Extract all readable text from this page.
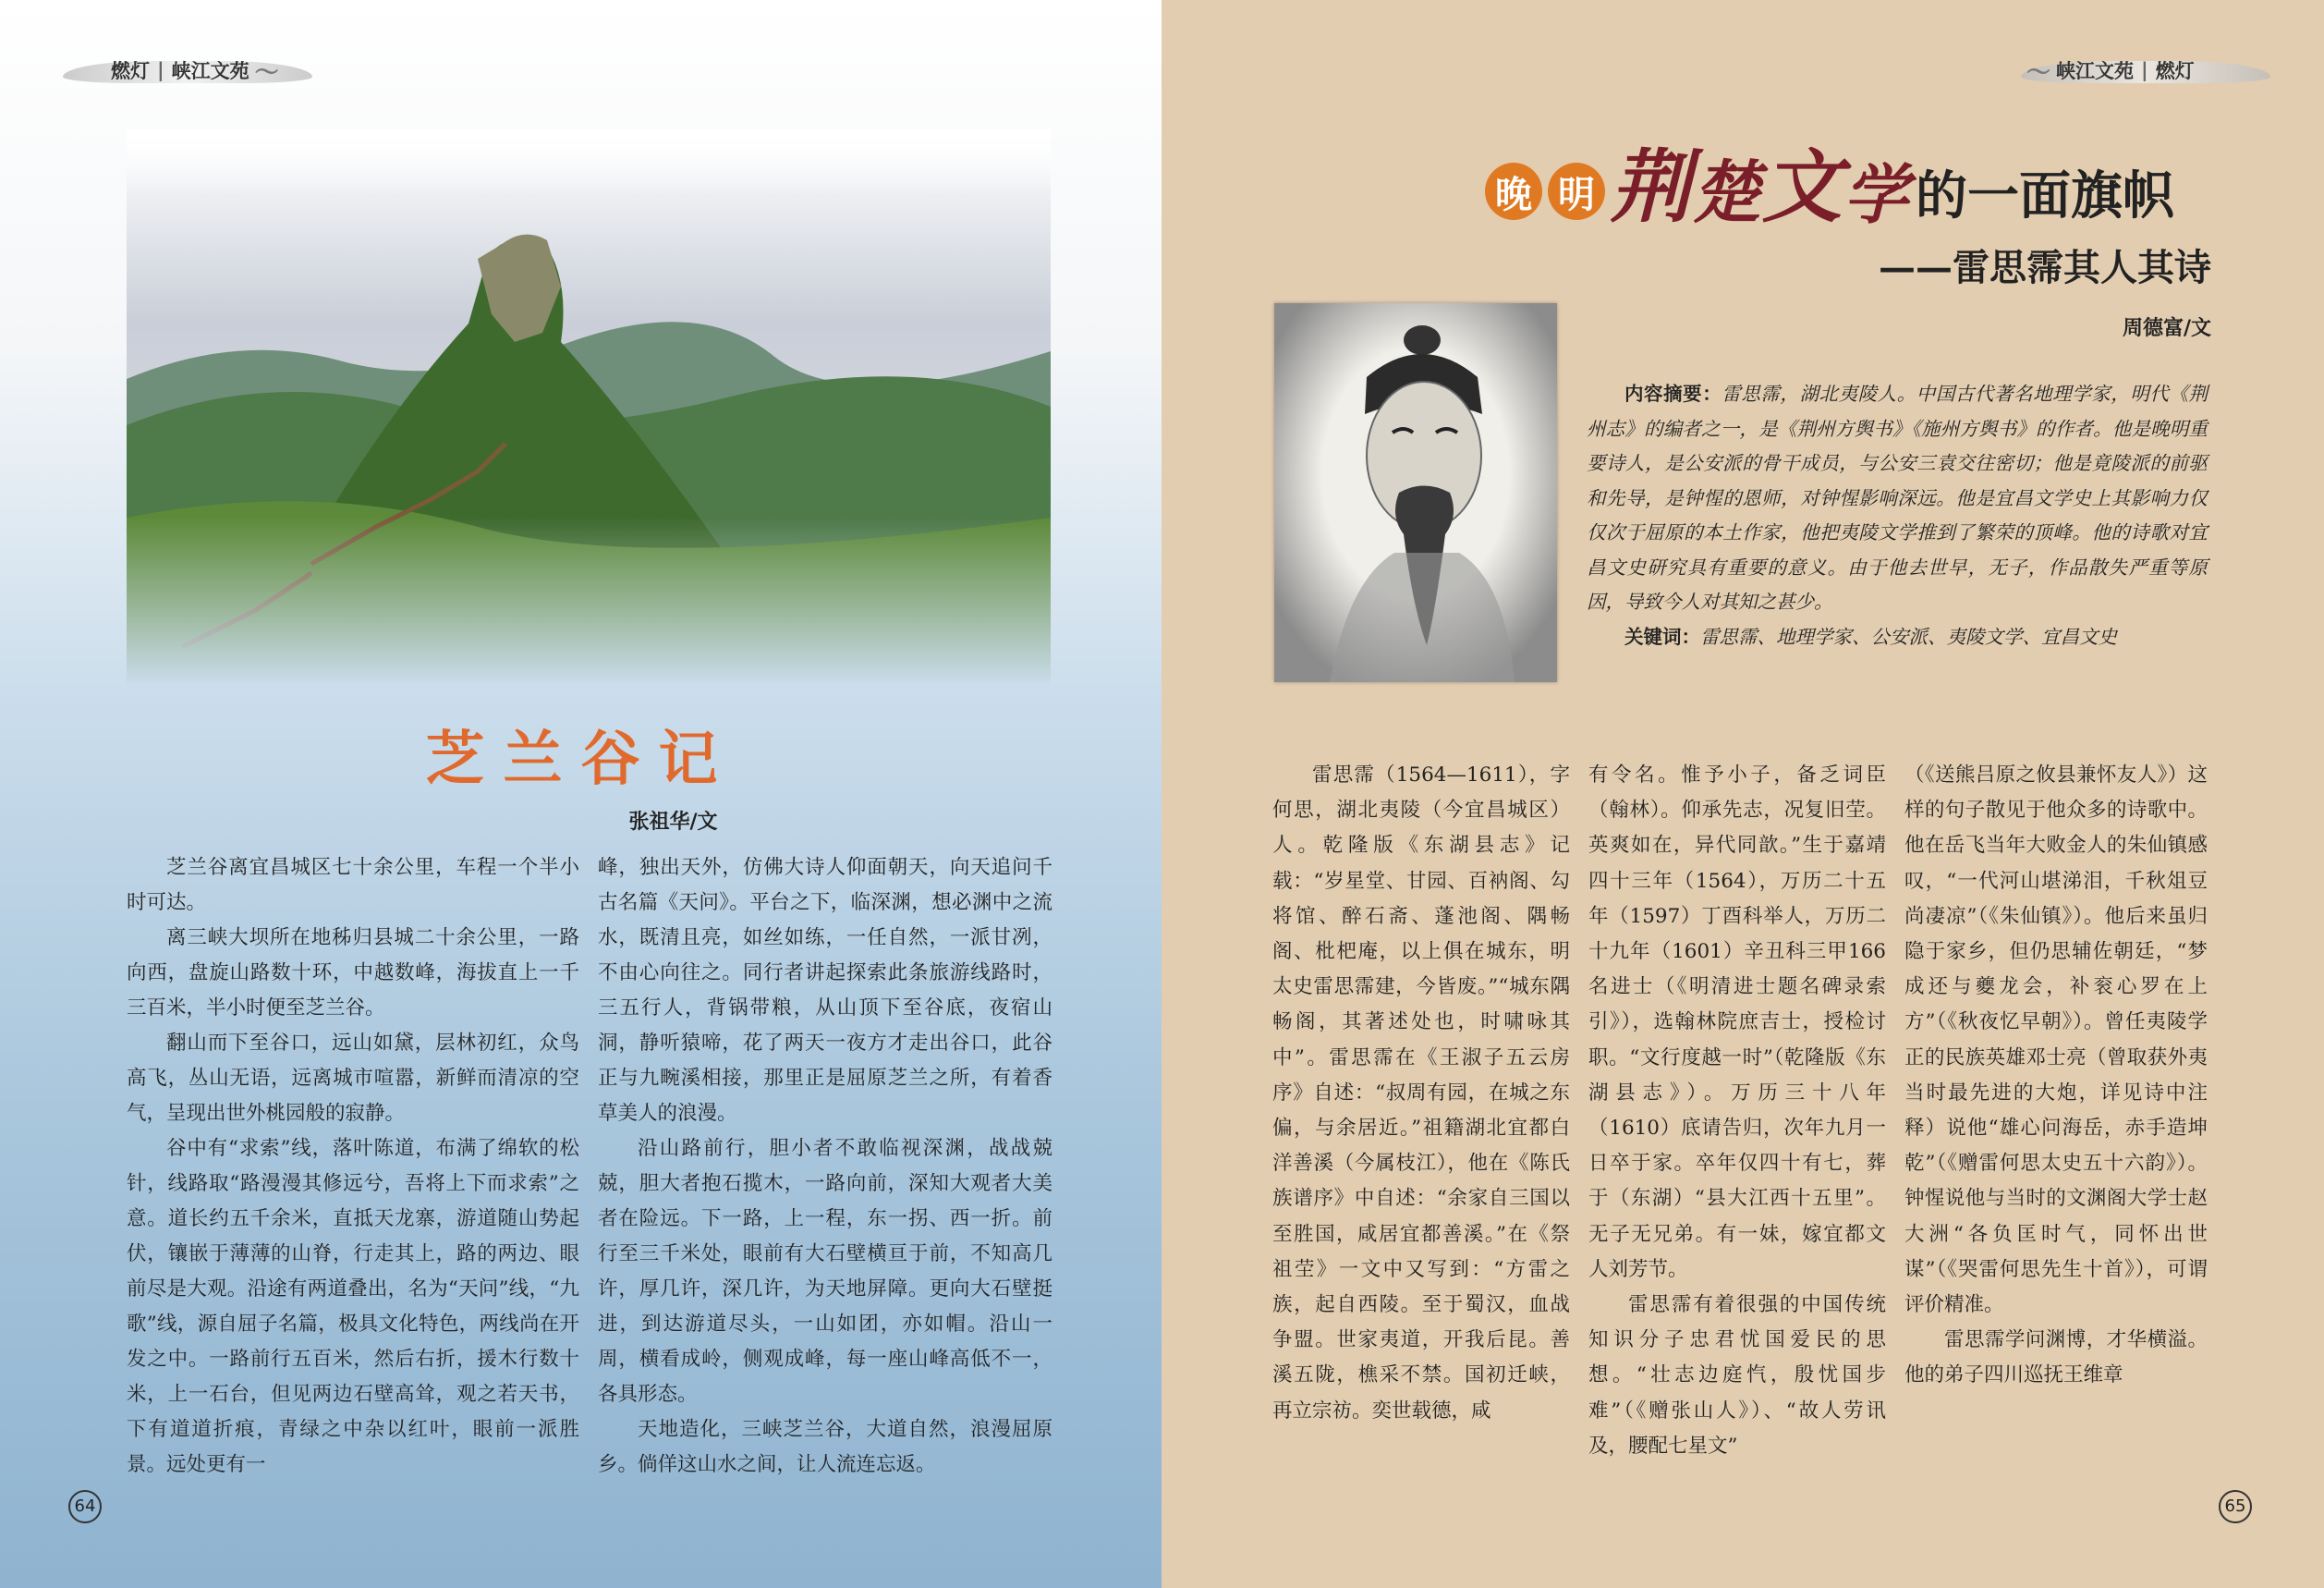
燃灯 | 峡江文苑 〜
芝兰谷记
张祖华/文

芝兰谷离宜昌城区七十余公里，车程一个半小时可达。

离三峡大坝所在地秭归县城二十余公里，一路向西，盘旋山路数十环，中越数峰，海拔直上一千三百米，半小时便至芝兰谷。

翻山而下至谷口，远山如黛，层林初红，众鸟高飞，丛山无语，远离城市喧嚣，新鲜而清凉的空气，呈现出世外桃园般的寂静。

谷中有“求索”线，落叶陈道，布满了绵软的松针，线路取“路漫漫其修远兮，吾将上下而求索”之意。道长约五千余米，直抵天龙寨，游道随山势起伏，镶嵌于薄薄的山脊，行走其上，路的两边、眼前尽是大观。沿途有两道叠出，名为“天问”线，“九歌”线，源自屈子名篇，极具文化特色，两线尚在开发之中。一路前行五百米，然后右折，援木行数十米，上一石台，但见两边石壁高耸，观之若天书，下有道道折痕，青绿之中杂以红叶，眼前一派胜景。远处更有一

峰，独出天外，仿佛大诗人仰面朝天，向天追问千古名篇《天问》。平台之下，临深渊，想必渊中之流水，既清且亮，如丝如练，一任自然，一派甘冽，不由心向往之。同行者讲起探索此条旅游线路时，三五行人，背锅带粮，从山顶下至谷底，夜宿山洞，静听猿啼，花了两天一夜方才走出谷口，此谷正与九畹溪相接，那里正是屈原芝兰之所，有着香草美人的浪漫。

沿山路前行，胆小者不敢临视深渊，战战兢兢，胆大者抱石揽木，一路向前，深知大观者大美者在险远。下一路，上一程，东一拐、西一折。前行至三千米处，眼前有大石壁横亘于前，不知高几许，厚几许，深几许，为天地屏障。更向大石壁挺进，到达游道尽头，一山如团，亦如帽。沿山一周，横看成岭，侧观成峰，每一座山峰高低不一，各具形态。

天地造化，三峡芝兰谷，大道自然，浪漫屈原乡。倘佯这山水之间，让人流连忘返。

64
〜 峡江文苑 | 燃灯
晚 明 荆 楚 文 学 的一面旗帜
——雷思霈其人其诗
周德富/文

内容摘要：雷思霈，湖北夷陵人。中国古代著名地理学家，明代《荆州志》的编者之一，是《荆州方舆书》《施州方舆书》的作者。他是晚明重要诗人，是公安派的骨干成员，与公安三袁交往密切；他是竟陵派的前驱和先导，是钟惺的恩师，对钟惺影响深远。他是宜昌文学史上其影响力仅仅次于屈原的本土作家，他把夷陵文学推到了繁荣的顶峰。他的诗歌对宜昌文史研究具有重要的意义。由于他去世早，无子，作品散失严重等原因，导致今人对其知之甚少。

关键词：雷思霈、地理学家、公安派、夷陵文学、宜昌文史

雷思霈（1564—1611），字何思，湖北夷陵（今宜昌城区）人。乾隆版《东湖县志》记载：“岁星堂、甘园、百衲阁、勾将馆、醉石斋、蓬池阁、隅畅阁、枇杷庵，以上俱在城东，明太史雷思霈建，今皆废。”“城东隅畅阁，其著述处也，时啸咏其中”。雷思霈在《王淑子五云房序》自述：“叔周有园，在城之东偏，与余居近。”祖籍湖北宜都白洋善溪（今属枝江），他在《陈氏族谱序》中自述：“余家自三国以至胜国，咸居宜都善溪。”在《祭祖茔》一文中又写到：“方雷之族，起自西陵。至于蜀汉，血战争盟。世家夷道，开我后昆。善溪五陇，樵采不禁。国初迁峡，再立宗祊。奕世载德，咸

有令名。惟予小子，备乏词臣（翰林）。仰承先志，况复旧茔。英爽如在，异代同歆。”生于嘉靖四十三年（1564），万历二十五年（1597）丁酉科举人，万历二十九年（1601）辛丑科三甲166名进士（《明清进士题名碑录索引》），选翰林院庶吉士，授检讨职。“文行度越一时”（乾隆版《东湖县志》）。万历三十八年（1610）底请告归，次年九月一日卒于家。卒年仅四十有七，葬于（东湖）“县大江西十五里”。无子无兄弟。有一妹，嫁宜都文人刘芳节。

雷思霈有着很强的中国传统知识分子忠君忧国爱民的思想。“壮志边庭忾，殷忧国步难”（《赠张山人》）、“故人劳讯及，腰配七星文”

（《送熊吕原之攸县兼怀友人》）这样的句子散见于他众多的诗歌中。他在岳飞当年大败金人的朱仙镇感叹，“一代河山堪涕泪，千秋俎豆尚凄凉”（《朱仙镇》）。他后来虽归隐于家乡，但仍思辅佐朝廷，“梦成还与夔龙会，补衮心罗在上方”（《秋夜忆早朝》）。曾任夷陵学正的民族英雄邓士亮（曾取获外夷当时最先进的大炮，详见诗中注释）说他“雄心问海岳，赤手造坤乾”（《赠雷何思太史五十六韵》）。钟惺说他与当时的文渊阁大学士赵大洲“各负匡时气，同怀出世谋”（《哭雷何思先生十首》），可谓评价精准。

雷思霈学问渊博，才华横溢。他的弟子四川巡抚王维章

65
